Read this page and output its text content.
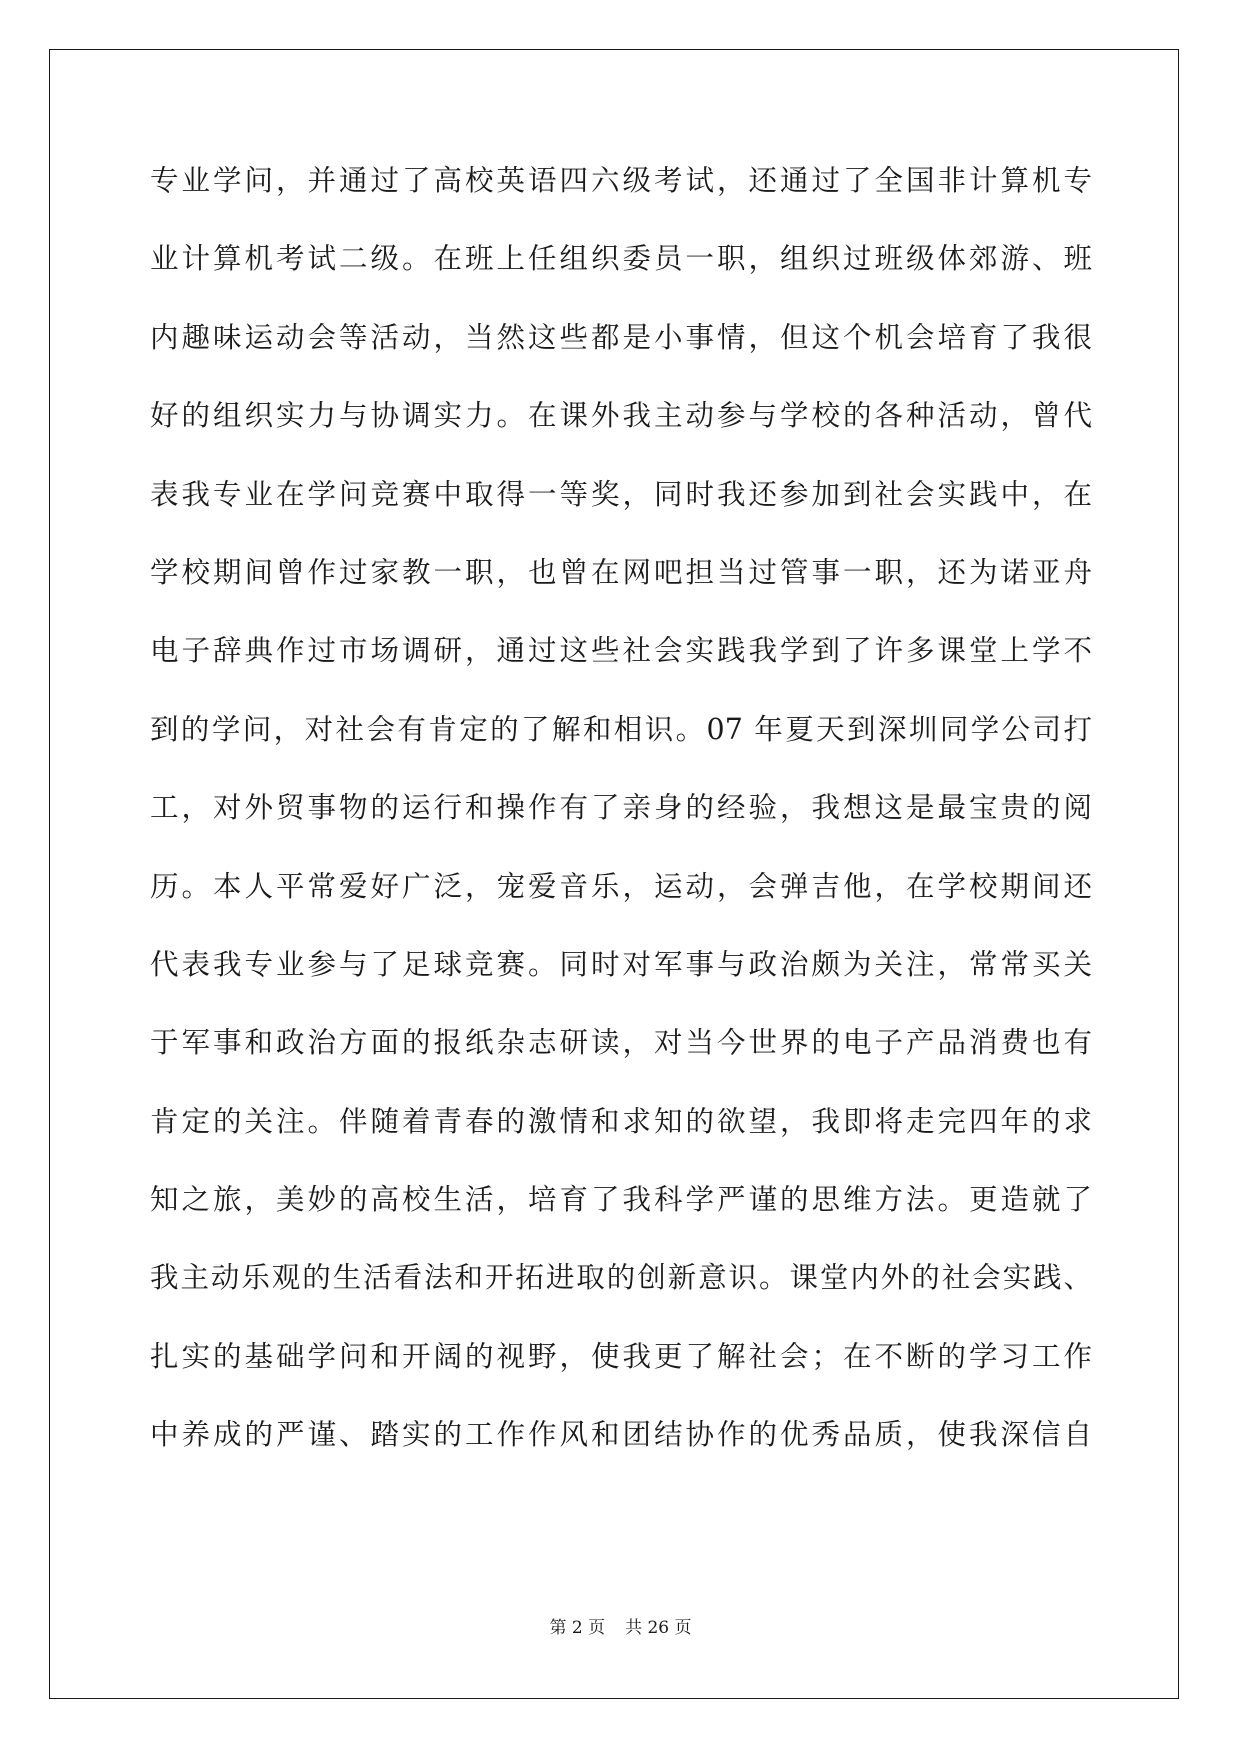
专业学问，并通过了高校英语四六级考试，还通过了全国非计算机专
业计算机考试二级。在班上任组织委员一职，组织过班级体郊游、班
内趣味运动会等活动，当然这些都是小事情，但这个机会培育了我很
好的组织实力与协调实力。在课外我主动参与学校的各种活动，曾代
表我专业在学问竞赛中取得一等奖，同时我还参加到社会实践中，在
学校期间曾作过家教一职，也曾在网吧担当过管事一职，还为诺亚舟
电子辞典作过市场调研，通过这些社会实践我学到了许多课堂上学不
到的学问，对社会有肯定的了解和相识。07 年夏天到深圳同学公司打
工，对外贸事物的运行和操作有了亲身的经验，我想这是最宝贵的阅
历。本人平常爱好广泛，宠爱音乐，运动，会弹吉他，在学校期间还
代表我专业参与了足球竞赛。同时对军事与政治颇为关注，常常买关
于军事和政治方面的报纸杂志研读，对当今世界的电子产品消费也有
肯定的关注。伴随着青春的激情和求知的欲望，我即将走完四年的求
知之旅，美妙的高校生活，培育了我科学严谨的思维方法。更造就了
我主动乐观的生活看法和开拓进取的创新意识。课堂内外的社会实践、
扎实的基础学问和开阔的视野，使我更了解社会；在不断的学习工作
中养成的严谨、踏实的工作作风和团结协作的优秀品质，使我深信自
第 2 页 共 26 页
